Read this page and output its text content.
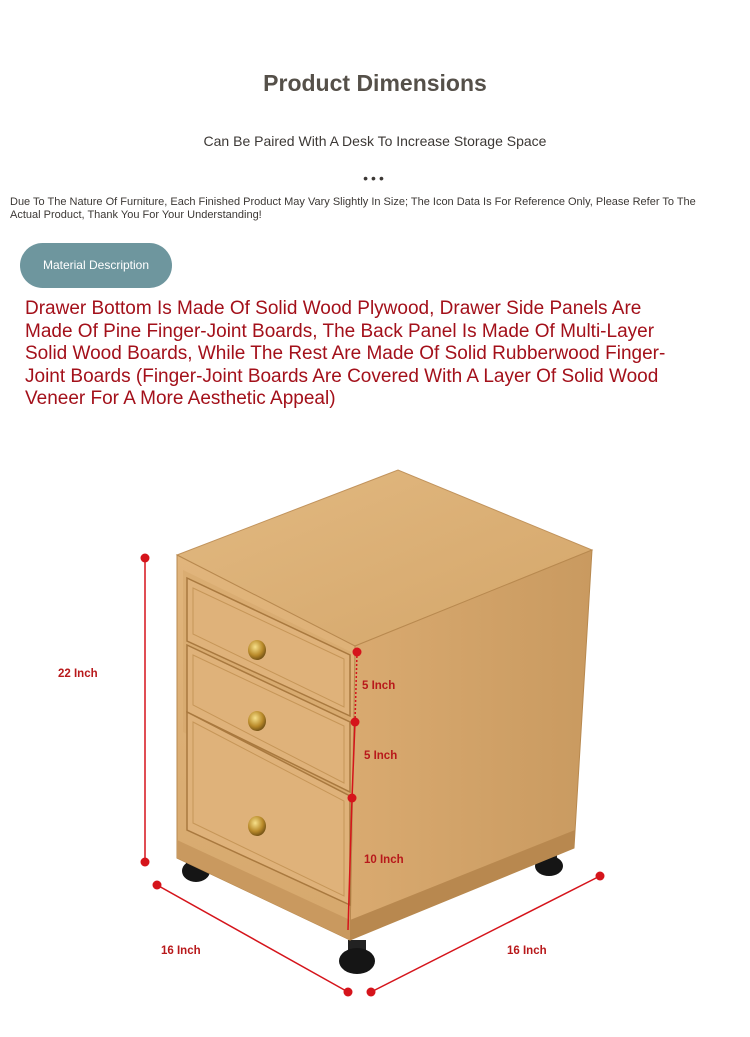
Product Dimensions
Can Be Paired With A Desk To Increase Storage Space
•••
Due To The Nature Of Furniture, Each Finished Product May Vary Slightly In Size; The Icon Data Is For Reference Only, Please Refer To The Actual Product, Thank You For Your Understanding!
Material Description
Drawer Bottom Is Made Of Solid Wood Plywood, Drawer Side Panels Are Made Of Pine Finger-Joint Boards, The Back Panel Is Made Of Multi-Layer Solid Wood Boards, While The Rest Are Made Of Solid Rubberwood Finger-Joint Boards (Finger-Joint Boards Are Covered With A Layer Of Solid Wood Veneer For A More Aesthetic Appeal)
22 Inch
5 Inch
5 Inch
10 Inch
16 Inch	16 Inch
